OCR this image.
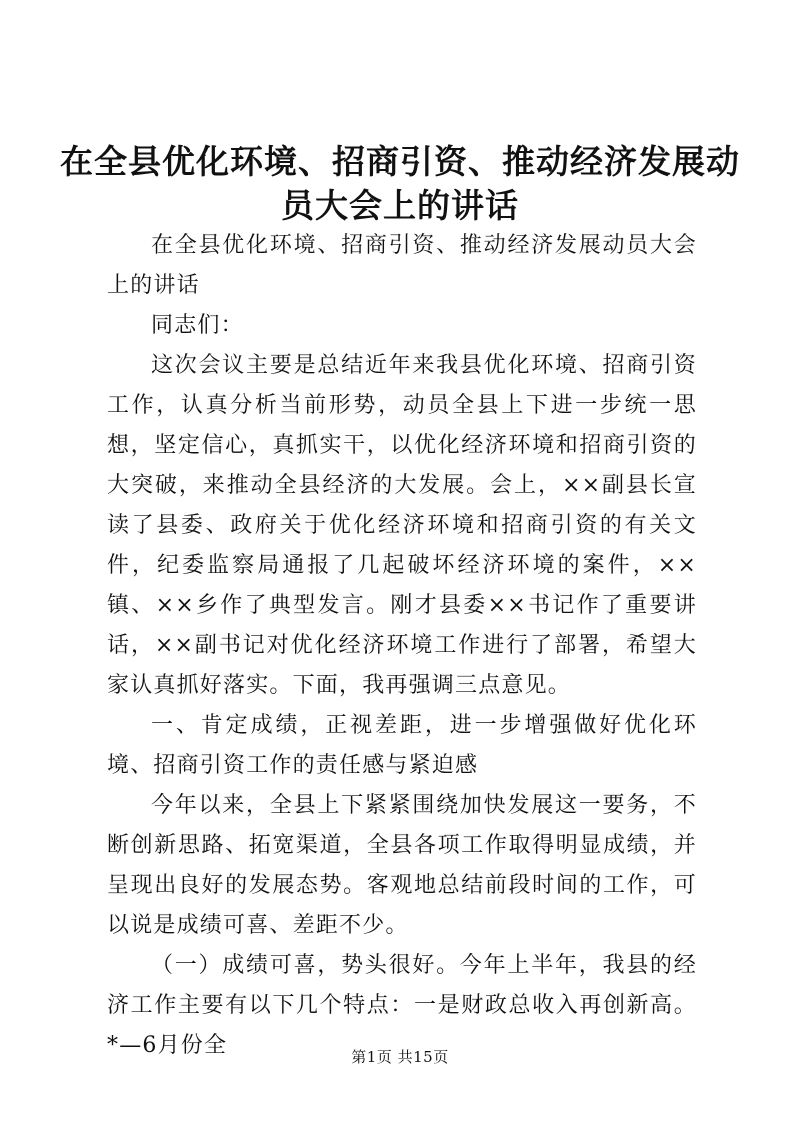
在全县优化环境、招商引资、推动经济发展动员大会上的讲话

在全县优化环境、招商引资、推动经济发展动员大会上的讲话

同志们：

这次会议主要是总结近年来我县优化环境、招商引资工作，认真分析当前形势，动员全县上下进一步统一思想，坚定信心，真抓实干，以优化经济环境和招商引资的大突破，来推动全县经济的大发展。会上，××副县长宣读了县委、政府关于优化经济环境和招商引资的有关文件，纪委监察局通报了几起破坏经济环境的案件，××镇、××乡作了典型发言。刚才县委××书记作了重要讲话，××副书记对优化经济环境工作进行了部署，希望大家认真抓好落实。下面，我再强调三点意见。

一、肯定成绩，正视差距，进一步增强做好优化环境、招商引资工作的责任感与紧迫感

今年以来，全县上下紧紧围绕加快发展这一要务，不断创新思路、拓宽渠道，全县各项工作取得明显成绩，并呈现出良好的发展态势。客观地总结前段时间的工作，可以说是成绩可喜、差距不少。

（一）成绩可喜，势头很好。今年上半年，我县的经济工作主要有以下几个特点：一是财政总收入再创新高。*—6月份全	第1页 共15页
